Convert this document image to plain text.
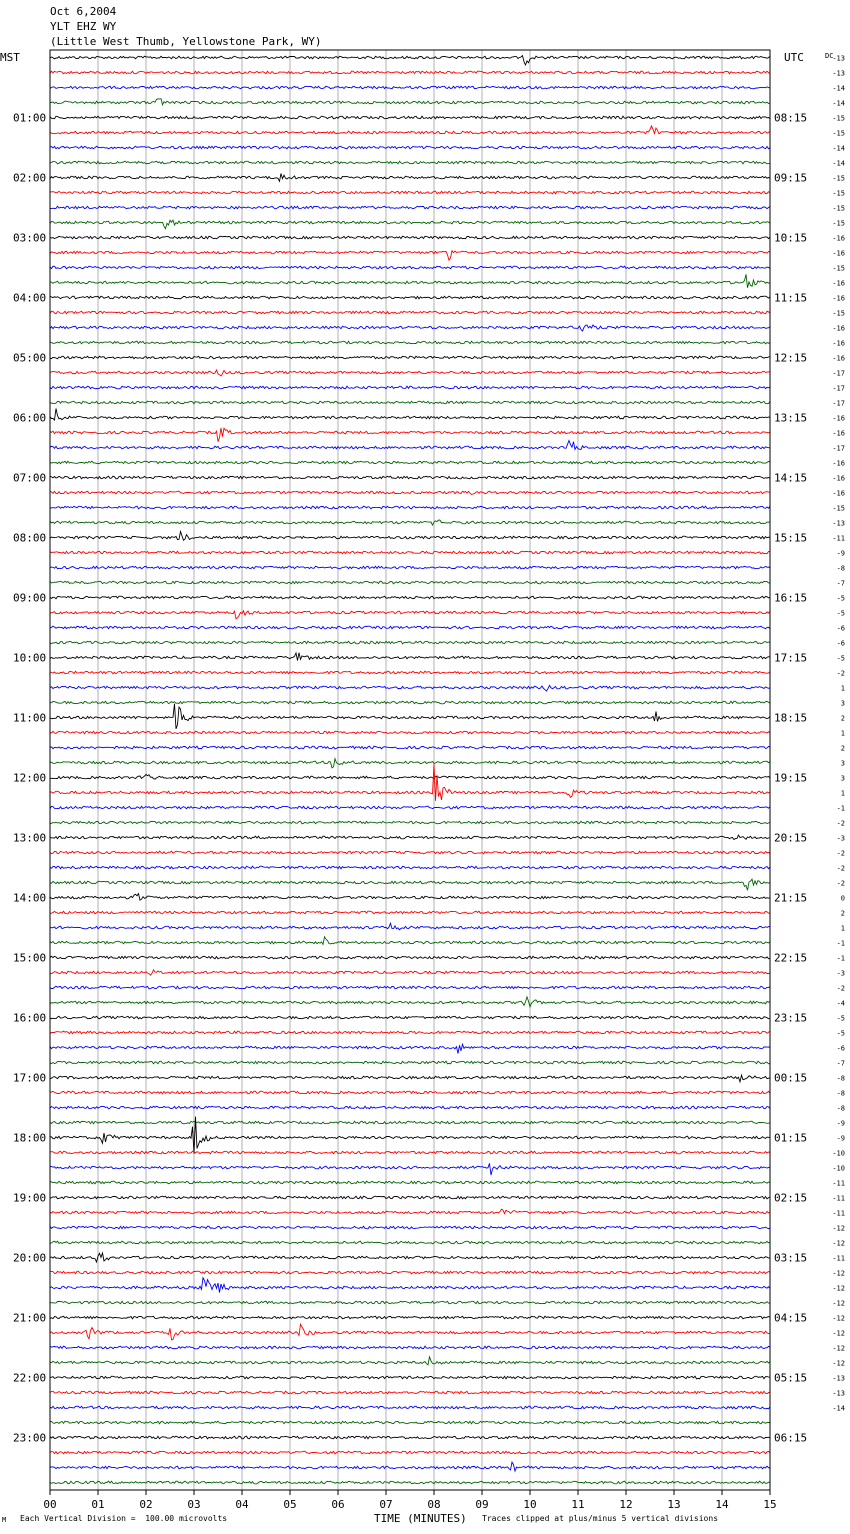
Oct 6,2004
YLT EHZ WY
(Little West Thumb, Yellowstone Park, WY)
MST	UTC	DC
00	01	02	03	04	05	06	07	08	09	10	11	12	13	14	15
-13
-13
-14
-14
-15
-15
-14
-14
-15
-15
-15
-15
-16
-16
-15
-16
-16
-15
-16
-16
-16
-17
-17
-17
-16
-16
-17
-16
-16
-16
-15
-13
-11
-9
-8
-7
-5
-5
-6
-6
-5
-2
1
3
2
1
2
3
3
1
-1
-2
-3
-2
-2
-2
0
2
1
-1
-1
-3
-2
-4
-5
-5
-6
-7
-8
-8
-8
-9
-9
-10
-10
-11
-11
-11
-12
-12
-11
-12
-12
-12
-12
-12
-12
-12
-13
-13
-14
01:00	08:15
02:00	09:15
03:00	10:15
04:00	11:15
05:00	12:15
06:00	13:15
07:00	14:15
08:00	15:15
09:00	16:15
10:00	17:15
11:00	18:15
12:00	19:15
13:00	20:15
14:00	21:15
15:00	22:15
16:00	23:15
17:00	00:15
18:00	01:15
19:00	02:15
20:00	03:15
21:00	04:15
22:00	05:15
23:00	06:15
M Each Vertical Division =  100.00 microvolts	TIME (MINUTES) Traces clipped at plus/minus 5 vertical divisions
